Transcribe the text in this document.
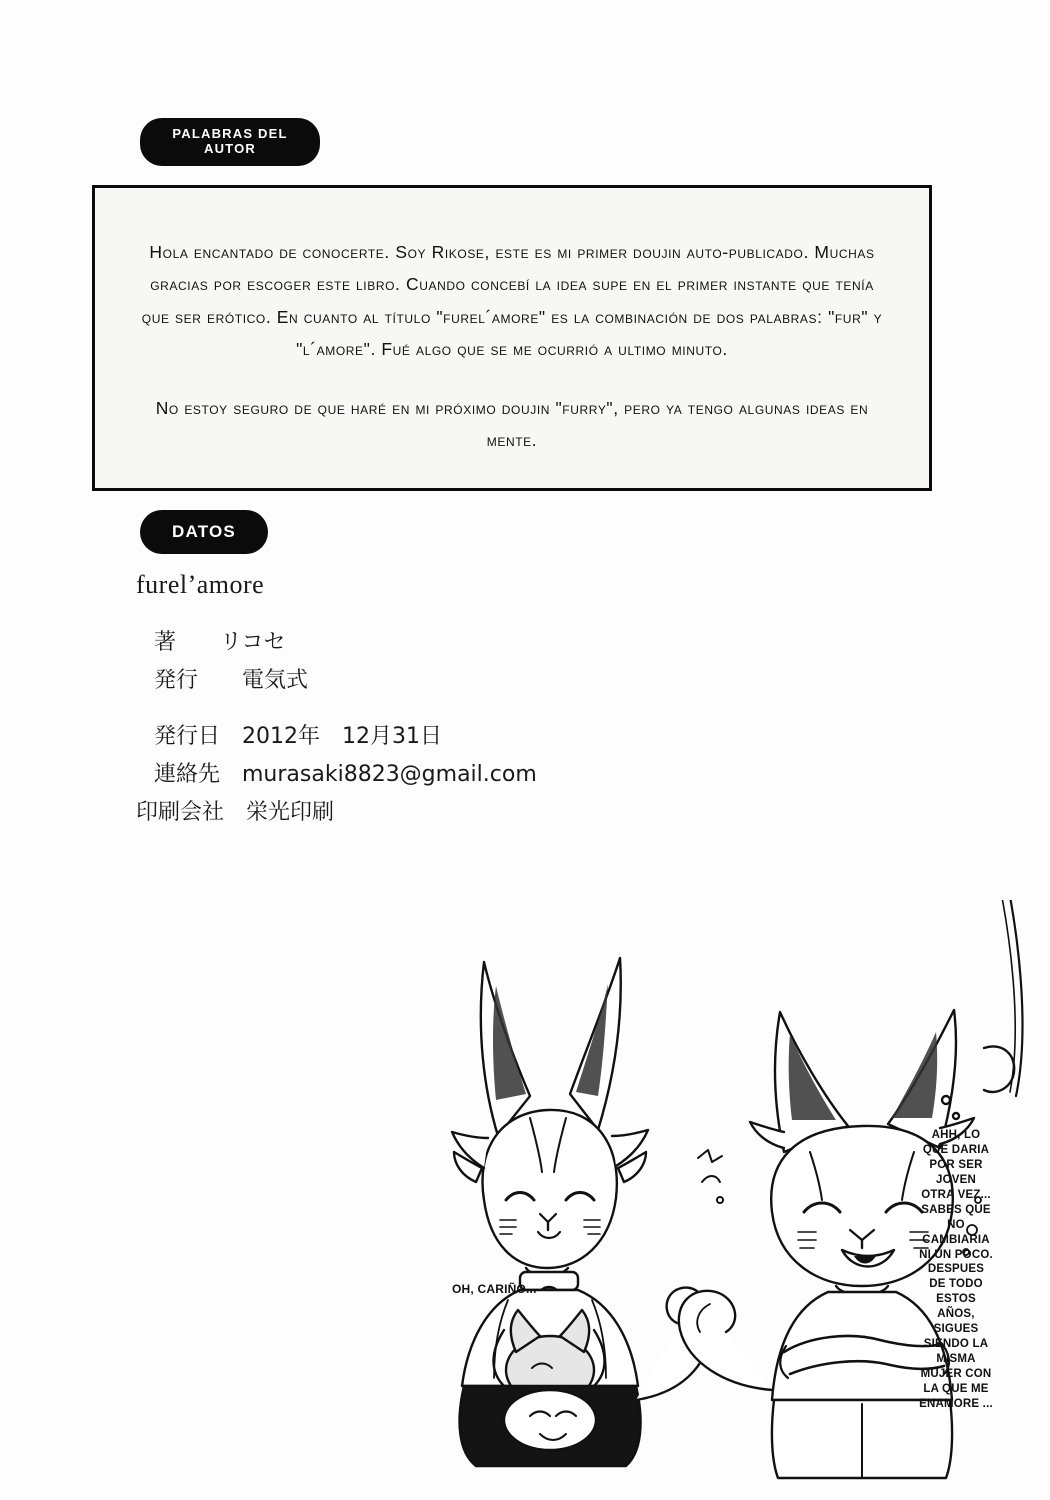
PALABRAS DEL AUTOR

Hola encantado de conocerte. Soy Rikose, este es mi primer doujin auto-publicado. Muchas gracias por escoger este libro. Cuando concebí la idea supe en el primer instante que tenía que ser erótico. En cuanto al título "furel´amore" es la combinación de dos palabras: "fur" y "l´amore". Fué algo que se me ocurrió a ultimo minuto.

No estoy seguro de que haré en mi próximo doujin "furry", pero ya tengo algunas ideas en mente.

DATOS
furel’amore
著　　リコセ
発行　　電気式
発行日　2012年　12月31日
連絡先　murasaki8823@gmail.com
印刷会社　栄光印刷
OH, CARIÑO...
AHH, LO QUE DARIA POR SER JOVEN OTRA VEZ... SABES QUE NO CAMBIARIA NI UN POCO. DESPUES DE TODO ESTOS AÑOS, SIGUES SIENDO LA MISMA MUJER CON LA QUE ME ENAMORE ...
